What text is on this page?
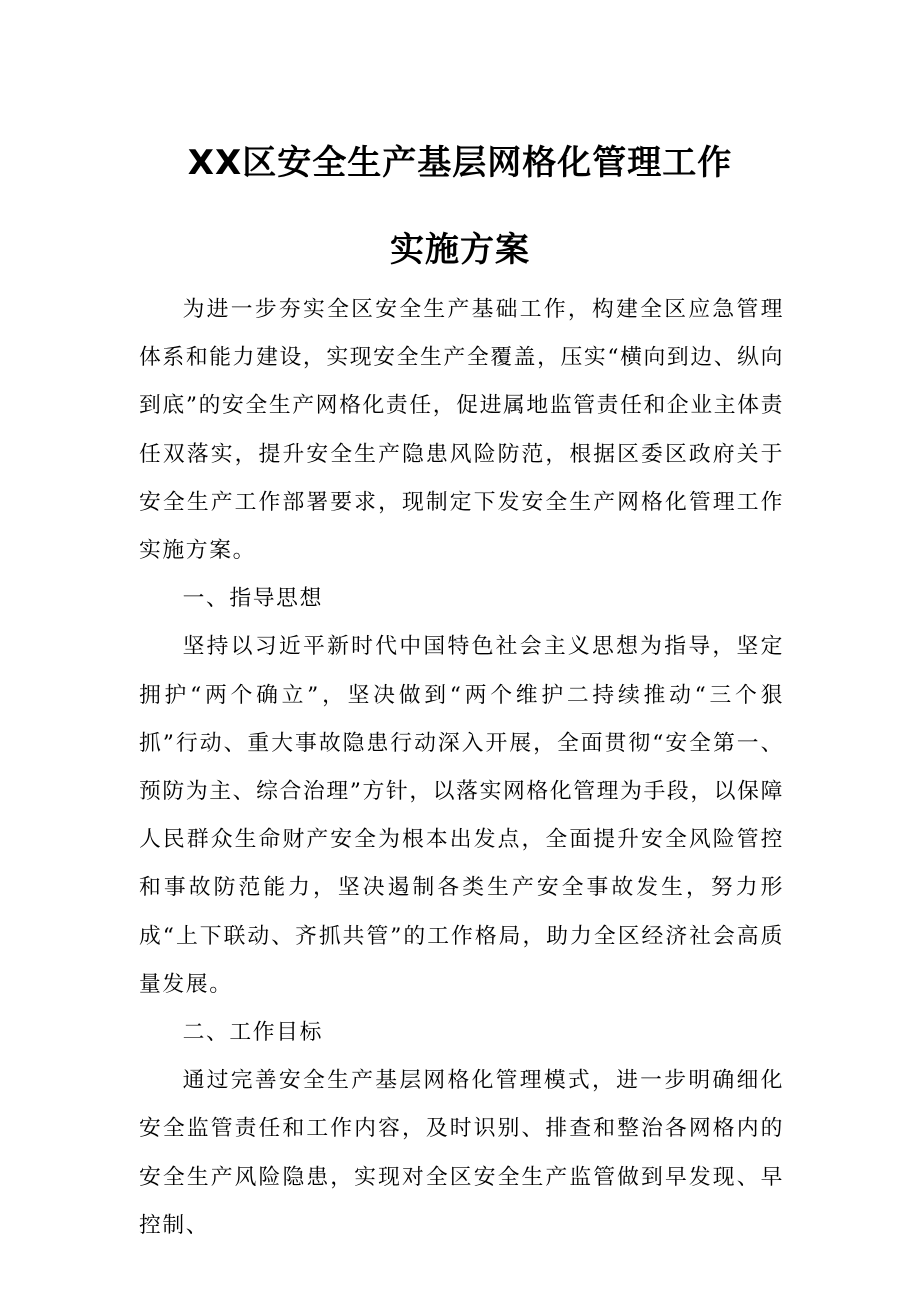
XX区安全生产基层网格化管理工作
实施方案

为进一步夯实全区安全生产基础工作，构建全区应急管理体系和能力建设，实现安全生产全覆盖，压实“横向到边、纵向到底”的安全生产网格化责任，促进属地监管责任和企业主体责任双落实，提升安全生产隐患风险防范，根据区委区政府关于安全生产工作部署要求，现制定下发安全生产网格化管理工作实施方案。

一、指导思想

坚持以习近平新时代中国特色社会主义思想为指导，坚定拥护“两个确立”，坚决做到“两个维护二持续推动“三个狠抓”行动、重大事故隐患行动深入开展，全面贯彻“安全第一、预防为主、综合治理”方针，以落实网格化管理为手段，以保障人民群众生命财产安全为根本出发点，全面提升安全风险管控和事故防范能力，坚决遏制各类生产安全事故发生，努力形成“上下联动、齐抓共管”的工作格局，助力全区经济社会高质量发展。

二、工作目标

通过完善安全生产基层网格化管理模式，进一步明确细化安全监管责任和工作内容，及时识别、排查和整治各网格内的安全生产风险隐患，实现对全区安全生产监管做到早发现、早控制、
